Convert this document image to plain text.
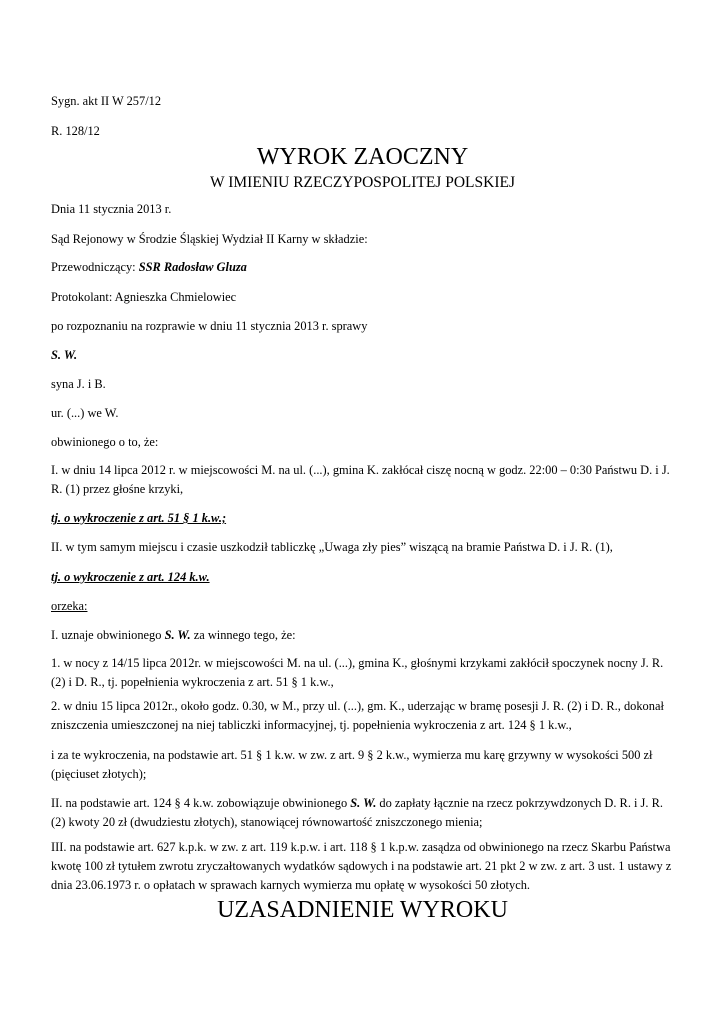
Sygn. akt II W 257/12
R. 128/12
WYROK ZAOCZNY
W IMIENIU RZECZYPOSPOLITEJ POLSKIEJ
Dnia 11 stycznia 2013 r.
Sąd Rejonowy w Środzie Śląskiej Wydział II Karny w składzie:
Przewodniczący: SSR Radosław Gluza
Protokolant: Agnieszka Chmielowiec
po rozpoznaniu na rozprawie w dniu 11 stycznia 2013 r. sprawy
S. W.
syna J. i B.
ur. (...) we W.
obwinionego o to, że:
I. w dniu 14 lipca 2012 r. w miejscowości M. na ul. (...), gmina K. zakłócał ciszę nocną w godz. 22:00 – 0:30 Państwu D. i J. R. (1) przez głośne krzyki,
tj. o wykroczenie z art. 51 § 1 k.w.;
II. w tym samym miejscu i czasie uszkodził tabliczkę „Uwaga zły pies” wiszącą na bramie Państwa D. i J. R. (1),
tj. o wykroczenie z art. 124 k.w.
orzeka:
I. uznaje obwinionego S. W. za winnego tego, że:
1. w nocy z 14/15 lipca 2012r. w miejscowości M. na ul. (...), gmina K., głośnymi krzykami zakłócił spoczynek nocny J. R. (2) i D. R., tj. popełnienia wykroczenia z art. 51 § 1 k.w.,
2. w dniu 15 lipca 2012r., około godz. 0.30, w M., przy ul. (...), gm. K., uderzając w bramę posesji J. R. (2) i D. R., dokonał zniszczenia umieszczonej na niej tabliczki informacyjnej, tj. popełnienia wykroczenia z art. 124 § 1 k.w.,
i za te wykroczenia, na podstawie art. 51 § 1 k.w. w zw. z art. 9 § 2 k.w., wymierza mu karę grzywny w wysokości 500 zł (pięciuset złotych);
II. na podstawie art. 124 § 4 k.w. zobowiązuje obwinionego S. W. do zapłaty łącznie na rzecz pokrzywdzonych D. R. i J. R. (2) kwoty 20 zł (dwudziestu złotych), stanowiącej równowartość zniszczonego mienia;
III. na podstawie art. 627 k.p.k. w zw. z art. 119 k.p.w. i art. 118 § 1 k.p.w. zasądza od obwinionego na rzecz Skarbu Państwa kwotę 100 zł tytułem zwrotu zryczałtowanych wydatków sądowych i na podstawie art. 21 pkt 2 w zw. z art. 3 ust. 1 ustawy z dnia 23.06.1973 r. o opłatach w sprawach karnych wymierza mu opłatę w wysokości 50 złotych.
UZASADNIENIE WYROKU
